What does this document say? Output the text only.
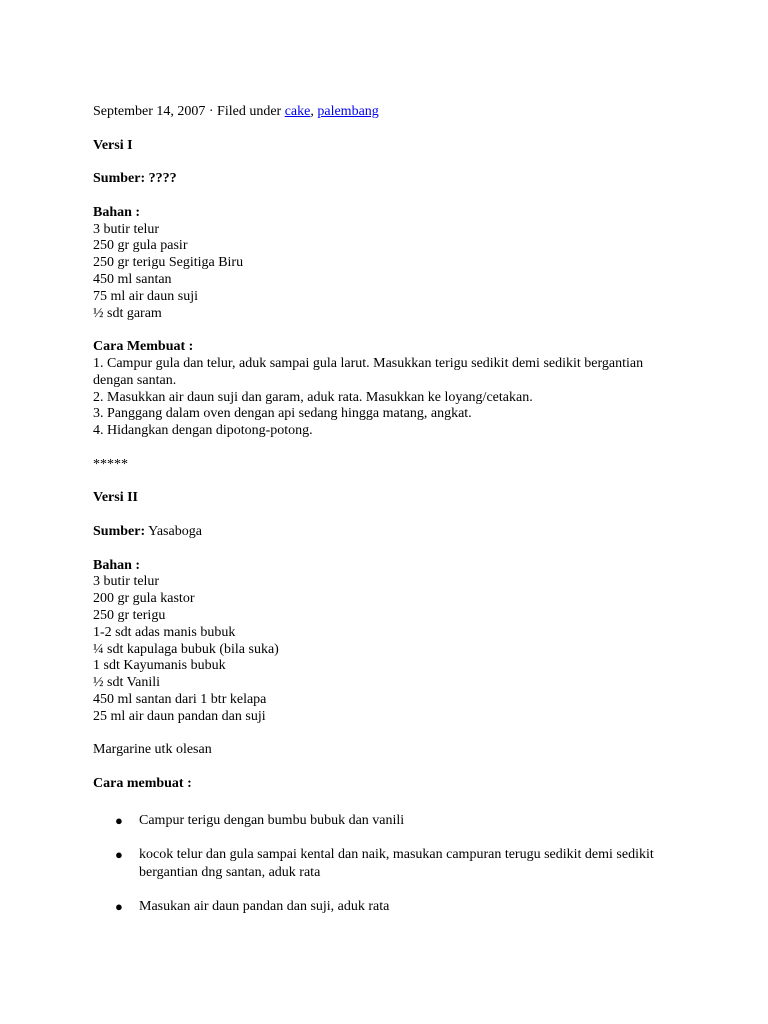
September 14, 2007 · Filed under cake, palembang
Versi I
Sumber: ????
Bahan :
3 butir telur
250 gr gula pasir
250 gr terigu Segitiga Biru
450 ml santan
75 ml air daun suji
½ sdt garam
Cara Membuat :
1. Campur gula dan telur, aduk sampai gula larut. Masukkan terigu sedikit demi sedikit bergantian dengan santan.
2. Masukkan air daun suji dan garam, aduk rata. Masukkan ke loyang/cetakan.
3. Panggang dalam oven dengan api sedang hingga matang, angkat.
4. Hidangkan dengan dipotong-potong.
*****
Versi II
Sumber: Yasaboga
Bahan :
3 butir telur
200 gr gula kastor
250 gr terigu
1-2 sdt adas manis bubuk
¼ sdt kapulaga bubuk (bila suka)
1 sdt Kayumanis bubuk
½ sdt Vanili
450 ml santan dari 1 btr kelapa
25 ml air daun pandan dan suji
Margarine utk olesan
Cara membuat :
● Campur terigu dengan bumbu bubuk dan vanili
● kocok telur dan gula sampai kental dan naik, masukan campuran terugu sedikit demi sedikit bergantian dng santan, aduk rata
● Masukan air daun pandan dan suji, aduk rata
